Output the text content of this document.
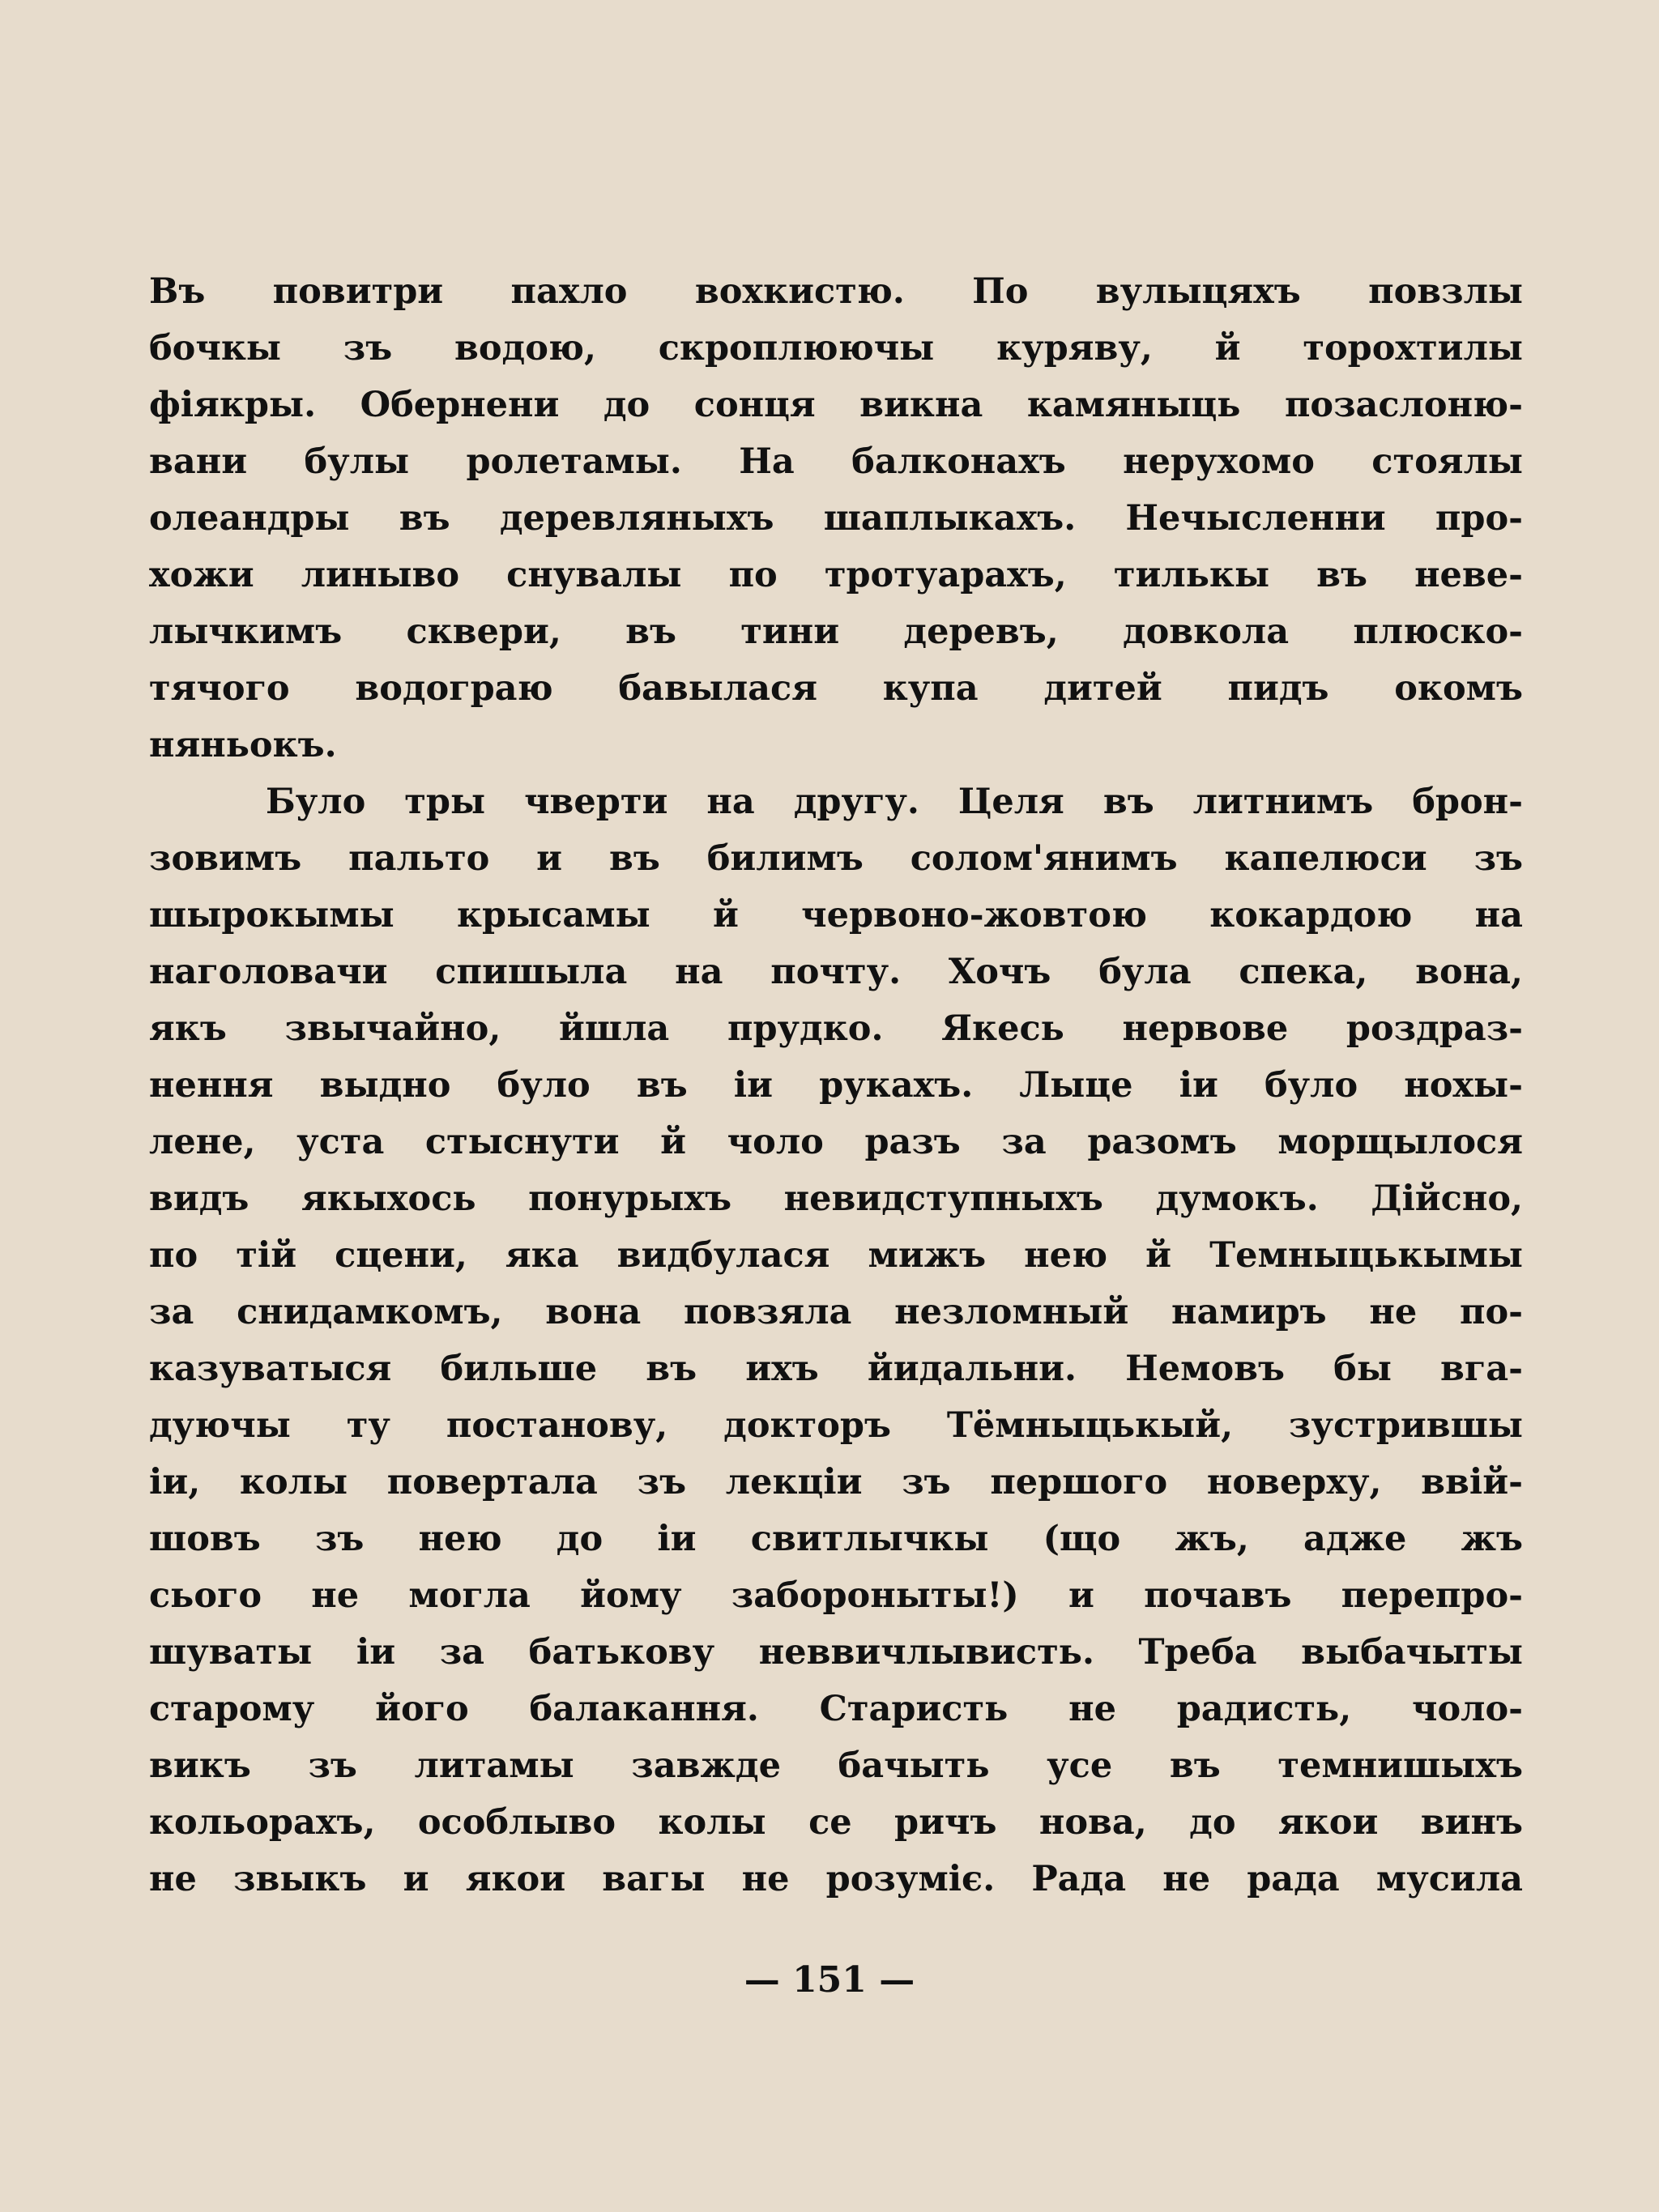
Въ повитри пахло вохкистю. По вулыцяхъ повзлы
бочкы зъ водою, скроплюючы куряву, й торохтилы
фіякры. Обернени до сонця викна камяныць позаслоню-
вани булы ролетамы. На балконахъ нерухомо стоялы
олеандры въ деревляныхъ шаплыкахъ. Нечысленни про-
хожи линыво снувалы по тротуарахъ, тилькы въ неве-
лычкимъ сквери, въ тини деревъ, довкола плюско-
тячого водограю бавылася купа дитей пидъ окомъ
няньокъ.
Було тры чверти на другу. Целя въ литнимъ брон-
зовимъ пальто и въ билимъ солом'янимъ капелюси зъ
шырокымы крысамы й червоно-жовтою кокардою на
наголовачи спишыла на почту. Хочъ була спека, вона,
якъ звычайно, йшла прудко. Якесь нервове роздраз-
нення выдно було въ іи рукахъ. Лыце іи було нохы-
лене, уста стыснути й чоло разъ за разомъ морщылося
видъ якыхось понурыхъ невидступныхъ думокъ. Дійсно,
по тій сцени, яка видбулася мижъ нею й Темныцькымы
за снидамкомъ, вона повзяла незломный намиръ не по-
казуватыся бильше въ ихъ йидальни. Немовъ бы вга-
дуючы ту постанову, докторъ Тёмныцькый, зустрившы
іи, колы повертала зъ лекціи зъ першого новерху, ввій-
шовъ зъ нею до іи свитлычкы (що жъ, адже жъ
сього не могла йому забороныты!) и почавъ перепро-
шуваты іи за батькову неввичлывисть. Треба выбачыты
старому його балакання. Старисть не радисть, чоло-
викъ зъ литамы завжде бачыть усе въ темнишыхъ
кольорахъ, особлыво колы се ричъ нова, до якои винъ
не звыкъ и якои вагы не розуміє. Рада не рада мусила
— 151 —
